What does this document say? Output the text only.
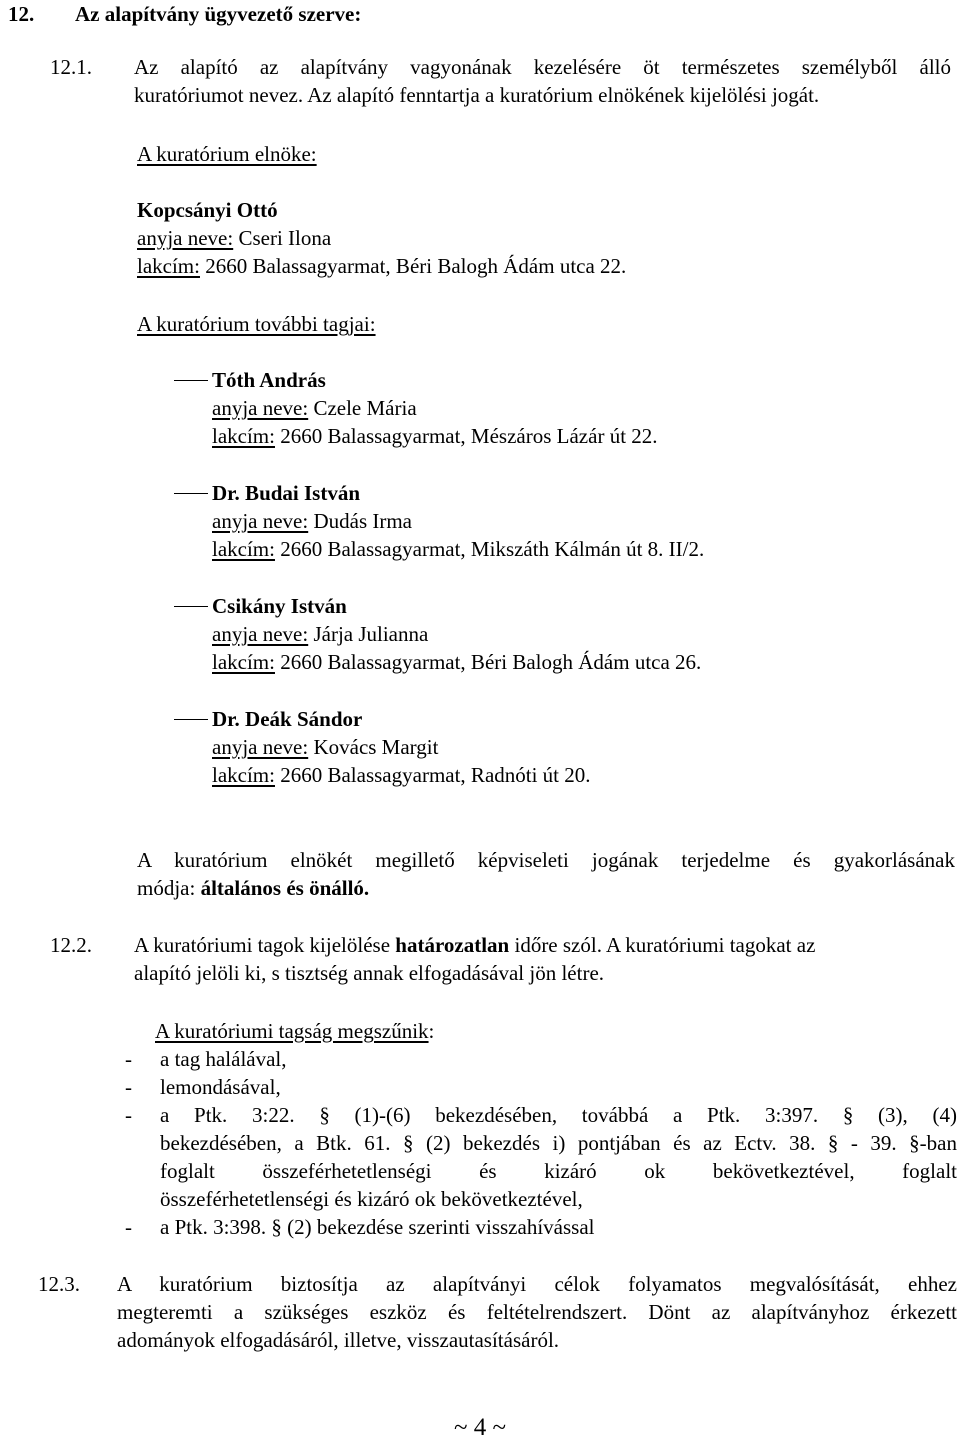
12. Az alapítvány ügyvezető szerve:
12.1. Az alapító az alapítvány vagyonának kezelésére öt természetes személyből álló
kuratóriumot nevez. Az alapító fenntartja a kuratórium elnökének kijelölési jogát.
A kuratórium elnöke:
Kopcsányi Ottó
anyja neve: Cseri Ilona
lakcím: 2660 Balassagyarmat, Béri Balogh Ádám utca 22.
A kuratórium további tagjai:
Tóth András
anyja neve: Czele Mária
lakcím: 2660 Balassagyarmat, Mészáros Lázár út 22.
Dr. Budai István
anyja neve: Dudás Irma
lakcím: 2660 Balassagyarmat, Mikszáth Kálmán út 8. II/2.
Csikány István
anyja neve: Járja Julianna
lakcím: 2660 Balassagyarmat, Béri Balogh Ádám utca 26.
Dr. Deák Sándor
anyja neve: Kovács Margit
lakcím: 2660 Balassagyarmat, Radnóti út 20.
A kuratórium elnökét megillető képviseleti jogának terjedelme és gyakorlásának
módja: általános és önálló.
12.2. A kuratóriumi tagok kijelölése határozatlan időre szól. A kuratóriumi tagokat az
alapító jelöli ki, s tisztség annak elfogadásával jön létre.
A kuratóriumi tagság megszűnik:
- a tag halálával,
- lemondásával,
- a Ptk. 3:22. § (1)-(6) bekezdésében, továbbá a Ptk. 3:397. § (3), (4)
bekezdésében, a Btk. 61. § (2) bekezdés i) pontjában és az Ectv. 38. § - 39. §-ban
foglalt összeférhetetlenségi és kizáró ok bekövetkeztével, foglalt
összeférhetetlenségi és kizáró ok bekövetkeztével,
- a Ptk. 3:398. § (2) bekezdése szerinti visszahívással
12.3. A kuratórium biztosítja az alapítványi célok folyamatos megvalósítását, ehhez
megteremti a szükséges eszköz és feltételrendszert. Dönt az alapítványhoz érkezett
adományok elfogadásáról, illetve, visszautasításáról.
~ 4 ~
